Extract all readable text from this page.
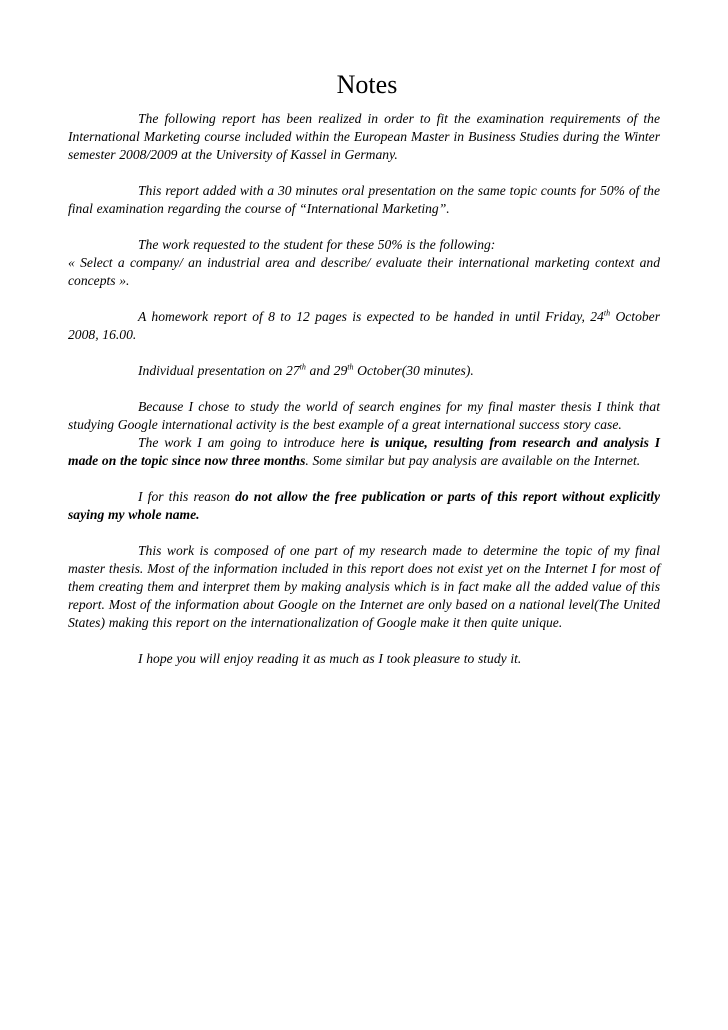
Notes

The following report has been realized in order to fit the examination requirements of the International Marketing course included within the European Master in Business Studies during the Winter semester 2008/2009 at the University of Kassel in Germany.

This report added with a 30 minutes oral presentation on the same topic counts for 50% of the final examination regarding the course of “International Marketing”.

The work requested to the student for these 50% is the following:
« Select a company/ an industrial area and describe/ evaluate their international marketing context and concepts ».

A homework report of 8 to 12 pages is expected to be handed in until Friday, 24th October 2008, 16.00.

Individual presentation on 27th and 29th October(30 minutes).

Because I chose to study the world of search engines for my final master thesis I think that studying Google international activity is the best example of a great international success story case.

The work I am going to introduce here is unique, resulting from research and analysis I made on the topic since now three months. Some similar but pay analysis are available on the Internet.

I for this reason do not allow the free publication or parts of this report without explicitly saying my whole name.

This work is composed of one part of my research made to determine the topic of my final master thesis. Most of the information included in this report does not exist yet on the Internet I for most of them creating them and interpret them by making analysis which is in fact make all the added value of this report. Most of the information about Google on the Internet are only based on a national level(The United States) making this report on the internationalization of Google make it then quite unique.

I hope you will enjoy reading it as much as I took pleasure to study it.
